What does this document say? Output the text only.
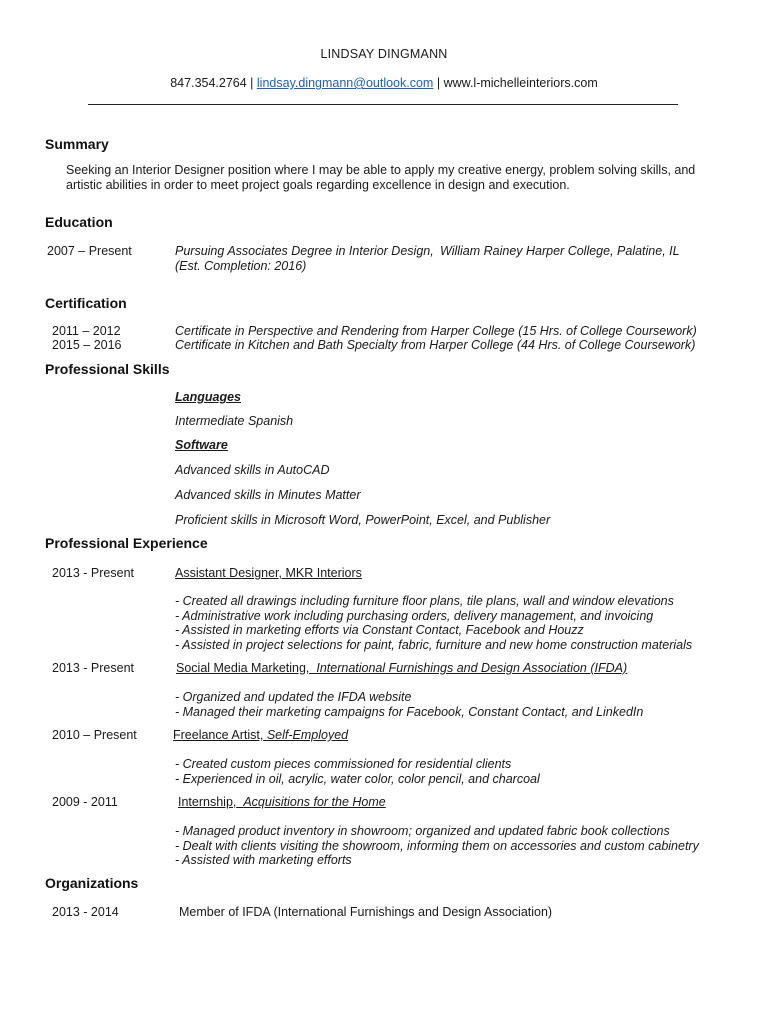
LINDSAY DINGMANN
847.354.2764 | lindsay.dingmann@outlook.com | www.l-michelleinteriors.com
Summary
Seeking an Interior Designer position where I may be able to apply my creative energy, problem solving skills, and
artistic abilities in order to meet project goals regarding excellence in design and execution.
Education
2007 – Present	Pursuing Associates Degree in Interior Design, William Rainey Harper College, Palatine, IL
(Est. Completion: 2016)
Certification
2011 – 2012	Certificate in Perspective and Rendering from Harper College (15 Hrs. of College Coursework)
2015 – 2016	Certificate in Kitchen and Bath Specialty from Harper College (44 Hrs. of College Coursework)
Professional Skills
Languages
Intermediate Spanish
Software
Advanced skills in AutoCAD
Advanced skills in Minutes Matter
Proficient skills in Microsoft Word, PowerPoint, Excel, and Publisher
Professional Experience
2013 - Present	Assistant Designer, MKR Interiors
- Created all drawings including furniture floor plans, tile plans, wall and window elevations
- Administrative work including purchasing orders, delivery management, and invoicing
- Assisted in marketing efforts via Constant Contact, Facebook and Houzz
- Assisted in project selections for paint, fabric, furniture and new home construction materials
2013 - Present	Social Media Marketing, International Furnishings and Design Association (IFDA)
- Organized and updated the IFDA website
- Managed their marketing campaigns for Facebook, Constant Contact, and LinkedIn
2010 – Present	Freelance Artist, Self-Employed
- Created custom pieces commissioned for residential clients
- Experienced in oil, acrylic, water color, color pencil, and charcoal
2009 - 2011	Internship, Acquisitions for the Home
- Managed product inventory in showroom; organized and updated fabric book collections
- Dealt with clients visiting the showroom, informing them on accessories and custom cabinetry
- Assisted with marketing efforts
Organizations
2013 - 2014	Member of IFDA (International Furnishings and Design Association)
